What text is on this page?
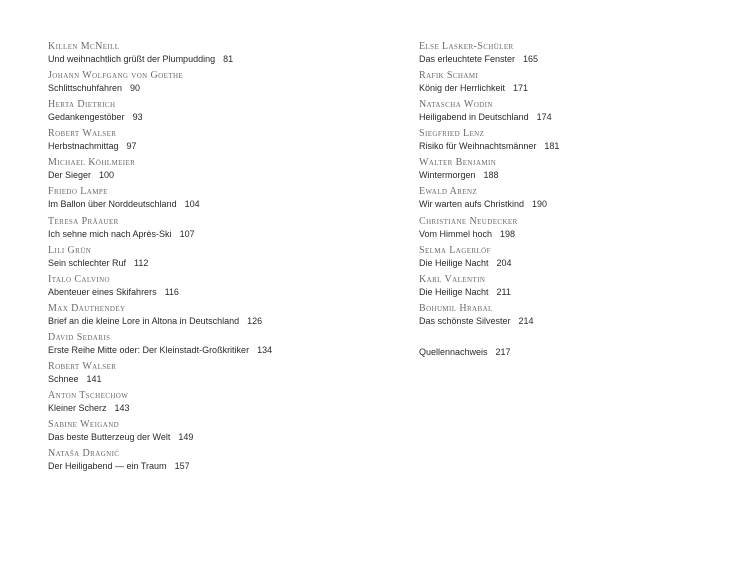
Killen McNeill
Und weihnachtlich grüßt der Plumpudding 81
Johann Wolfgang von Goethe
Schlittschuhfahren 90
Herta Dietrich
Gedankengestöber 93
Robert Walser
Herbstnachmittag 97
Michael Köhlmeier
Der Sieger 100
Friedo Lampe
Im Ballon über Norddeutschland 104
Teresa Präauer
Ich sehne mich nach Après-Ski 107
Lili Grün
Sein schlechter Ruf 112
Italo Calvino
Abenteuer eines Skifahrers 116
Max Dauthendey
Brief an die kleine Lore in Altona in Deutschland 126
David Sedaris
Erste Reihe Mitte oder: Der Kleinstadt-Großkritiker 134
Robert Walser
Schnee 141
Anton Tschechow
Kleiner Scherz 143
Sabine Weigand
Das beste Butterzeug der Welt 149
Nataša Dragnić
Der Heiligabend — ein Traum 157
Else Lasker-Schüler
Das erleuchtete Fenster 165
Rafik Schami
König der Herrlichkeit 171
Natascha Wodin
Heiligabend in Deutschland 174
Siegfried Lenz
Risiko für Weihnachtsmänner 181
Walter Benjamin
Wintermorgen 188
Ewald Arenz
Wir warten aufs Christkind 190
Christiane Neudecker
Vom Himmel hoch 198
Selma Lagerlöf
Die Heilige Nacht 204
Karl Valentin
Die Heilige Nacht 211
Bohumil Hrabal
Das schönste Silvester 214
Quellennachweis 217
